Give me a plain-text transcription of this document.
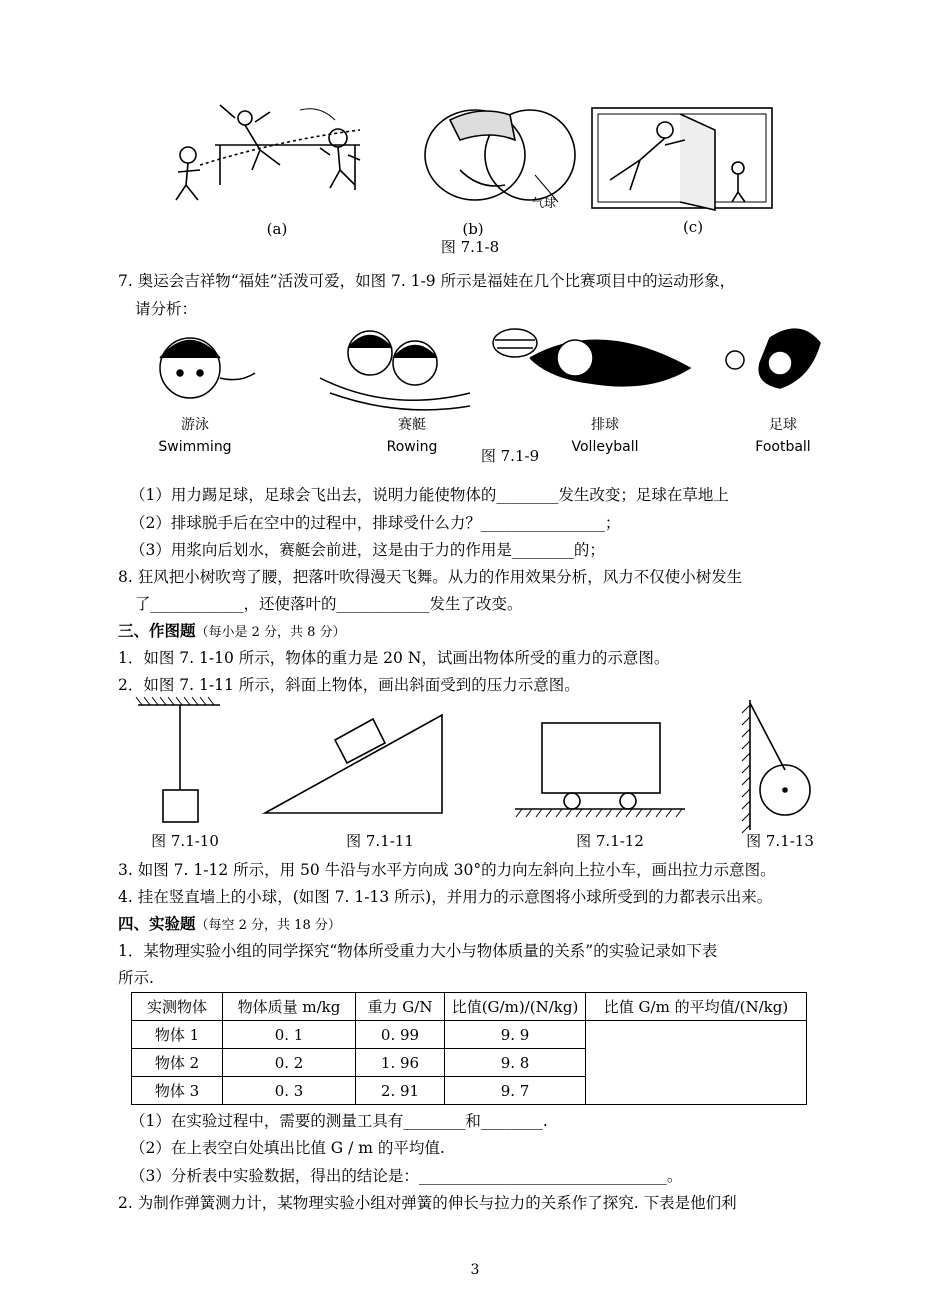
(a)	(b)	(c)
气球
图 7.1-8
7. 奥运会吉祥物“福娃”活泼可爱，如图 7. 1-9 所示是福娃在几个比赛项目中的运动形象，
请分析：
游泳
Swimming
赛艇
Rowing
排球
Volleyball
足球
Football
图 7.1-9
（1）用力踢足球，足球会飞出去，说明力能使物体的________发生改变；足球在草地上
（2）排球脱手后在空中的过程中，排球受什么力？________________；
（3）用浆向后划水，赛艇会前进，这是由于力的作用是________的；
8. 狂风把小树吹弯了腰，把落叶吹得漫天飞舞。从力的作用效果分析，风力不仅使小树发生
了____________，还使落叶的____________发生了改变。
三、作图题（每小是 2 分，共 8 分）
1．如图 7. 1-10 所示，物体的重力是 20 N，试画出物体所受的重力的示意图。
2．如图 7. 1-11 所示，斜面上物体，画出斜面受到的压力示意图。
图 7.1-10	图 7.1-11	图 7.1-12	图 7.1-13
3. 如图 7. 1-12 所示，用 50 牛沿与水平方向成 30°的力向左斜向上拉小车，画出拉力示意图。
4. 挂在竖直墙上的小球，(如图 7. 1-13 所示)，并用力的示意图将小球所受到的力都表示出来。
四、实验题（每空 2 分，共 18 分）
1．某物理实验小组的同学探究“物体所受重力大小与物体质量的关系”的实验记录如下表
所示.
实测物体	物体质量 m/kg	重力 G/N	比值(G/m)/(N/kg)	比值 G/m 的平均值/(N/kg)
物体 1	0. 1	0. 99	9. 9	
物体 2	0. 2	1. 96	9. 8	
物体 3	0. 3	2. 91	9. 7	
（1）在实验过程中，需要的测量工具有________和________.
（2）在上表空白处填出比值 G / m 的平均值.
（3）分析表中实验数据，得出的结论是：________________________________。
2. 为制作弹簧测力计，某物理实验小组对弹簧的伸长与拉力的关系作了探究. 下表是他们利
3
